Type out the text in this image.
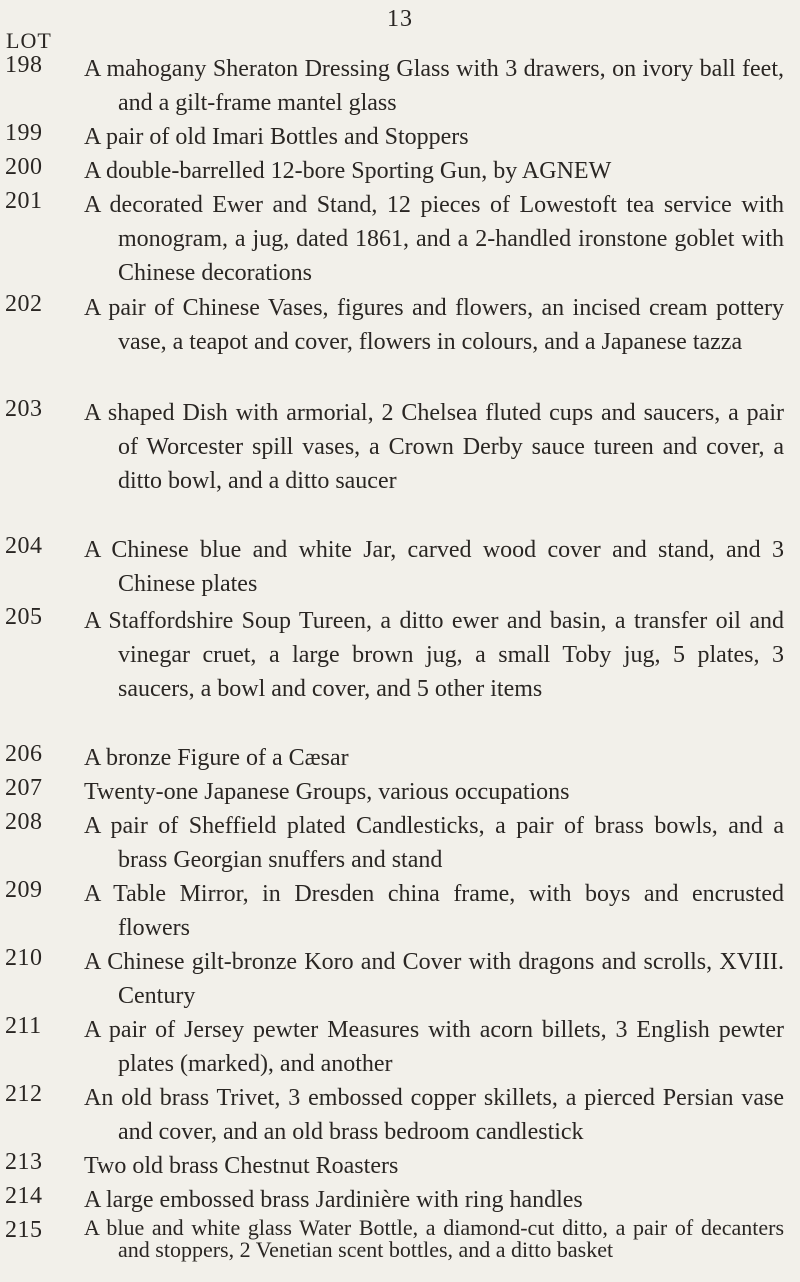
13
LOT
198 A mahogany Sheraton Dressing Glass with 3 drawers, on ivory ball feet, and a gilt-frame mantel glass
199 A pair of old Imari Bottles and Stoppers
200 A double-barrelled 12-bore Sporting Gun, by AGNEW
201 A decorated Ewer and Stand, 12 pieces of Lowestoft tea service with monogram, a jug, dated 1861, and a 2-handled ironstone goblet with Chinese decorations
202 A pair of Chinese Vases, figures and flowers, an incised cream pottery vase, a teapot and cover, flowers in colours, and a Japanese tazza
203 A shaped Dish with armorial, 2 Chelsea fluted cups and saucers, a pair of Worcester spill vases, a Crown Derby sauce tureen and cover, a ditto bowl, and a ditto saucer
204 A Chinese blue and white Jar, carved wood cover and stand, and 3 Chinese plates
205 A Staffordshire Soup Tureen, a ditto ewer and basin, a transfer oil and vinegar cruet, a large brown jug, a small Toby jug, 5 plates, 3 saucers, a bowl and cover, and 5 other items
206 A bronze Figure of a Cæsar
207 Twenty-one Japanese Groups, various occupations
208 A pair of Sheffield plated Candlesticks, a pair of brass bowls, and a brass Georgian snuffers and stand
209 A Table Mirror, in Dresden china frame, with boys and encrusted flowers
210 A Chinese gilt-bronze Koro and Cover with dragons and scrolls, XVIII. Century
211 A pair of Jersey pewter Measures with acorn billets, 3 English pewter plates (marked), and another
212 An old brass Trivet, 3 embossed copper skillets, a pierced Persian vase and cover, and an old brass bedroom candlestick
213 Two old brass Chestnut Roasters
214 A large embossed brass Jardinière with ring handles
215 A blue and white glass Water Bottle, a diamond-cut ditto, a pair of decanters and stoppers, 2 Venetian scent bottles, and a ditto basket
